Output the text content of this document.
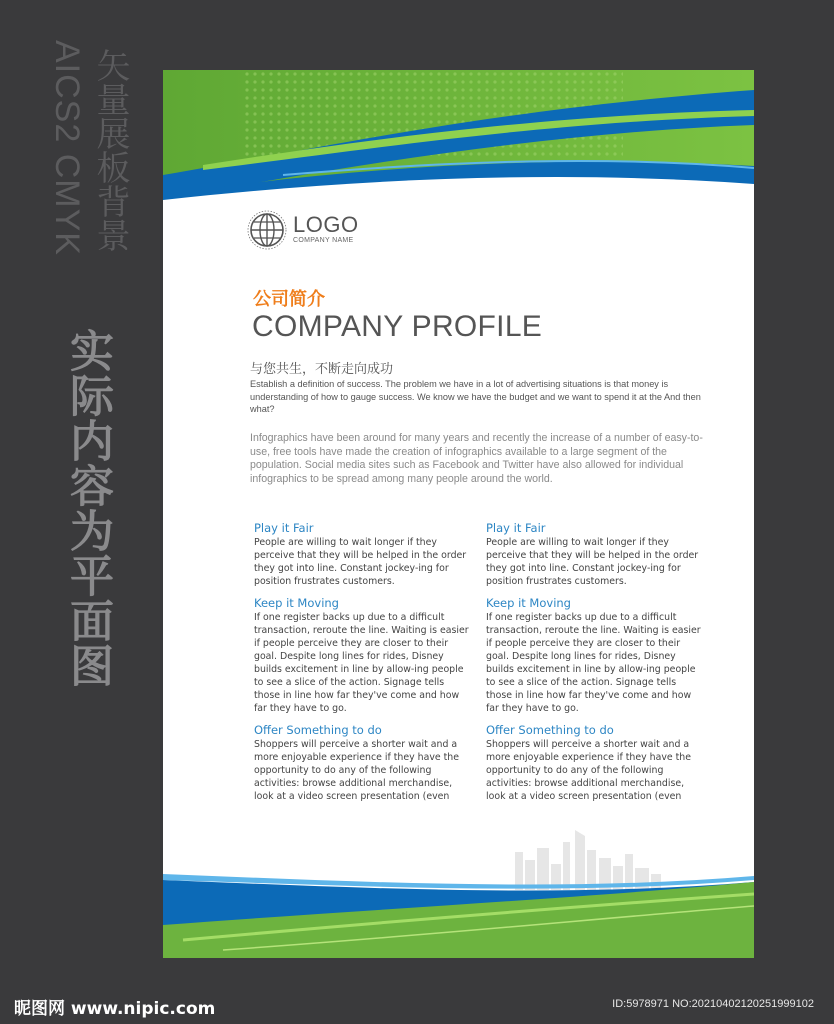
AICS2 CMYK 矢量展板背景
实际内容为平面图
LOGO
COMPANY NAME
公司简介
COMPANY PROFILE
与您共生，不断走向成功
Establish a definition of success. The problem we have in a lot of advertising situations is that money is understanding of how to gauge success. We know we have the budget and we want to spend it at the And then what?
Infographics have been around for many years and recently the increase of a number of easy-to-use, free tools have made the creation of infographics available to a large segment of the population. Social media sites such as Facebook and Twitter have also allowed for individual infographics to be spread among many people around the world.
Play it Fair
People are willing to wait longer if they perceive that they will be helped in the order they got into line. Constant jockey-ing for position frustrates customers.
Keep it Moving
If one register backs up due to a difficult transaction, reroute the line. Waiting is easier if people perceive they are closer to their goal. Despite long lines for rides, Disney builds excitement in line by allow-ing people to see a slice of the action. Signage tells those in line how far they've come and how far they have to go.
Offer Something to do
Shoppers will perceive a shorter wait and a more enjoyable experience if they have the opportunity to do any of the following activities: browse additional merchandise, look at a video screen presentation (even
Play it Fair
People are willing to wait longer if they perceive that they will be helped in the order they got into line. Constant jockey-ing for position frustrates customers.
Keep it Moving
If one register backs up due to a difficult transaction, reroute the line. Waiting is easier if people perceive they are closer to their goal. Despite long lines for rides, Disney builds excitement in line by allow-ing people to see a slice of the action. Signage tells those in line how far they've come and how far they have to go.
Offer Something to do
Shoppers will perceive a shorter wait and a more enjoyable experience if they have the opportunity to do any of the following activities: browse additional merchandise, look at a video screen presentation (even
昵图网 www.nipic.com	ID:5978971 NO:20210402120251999102
